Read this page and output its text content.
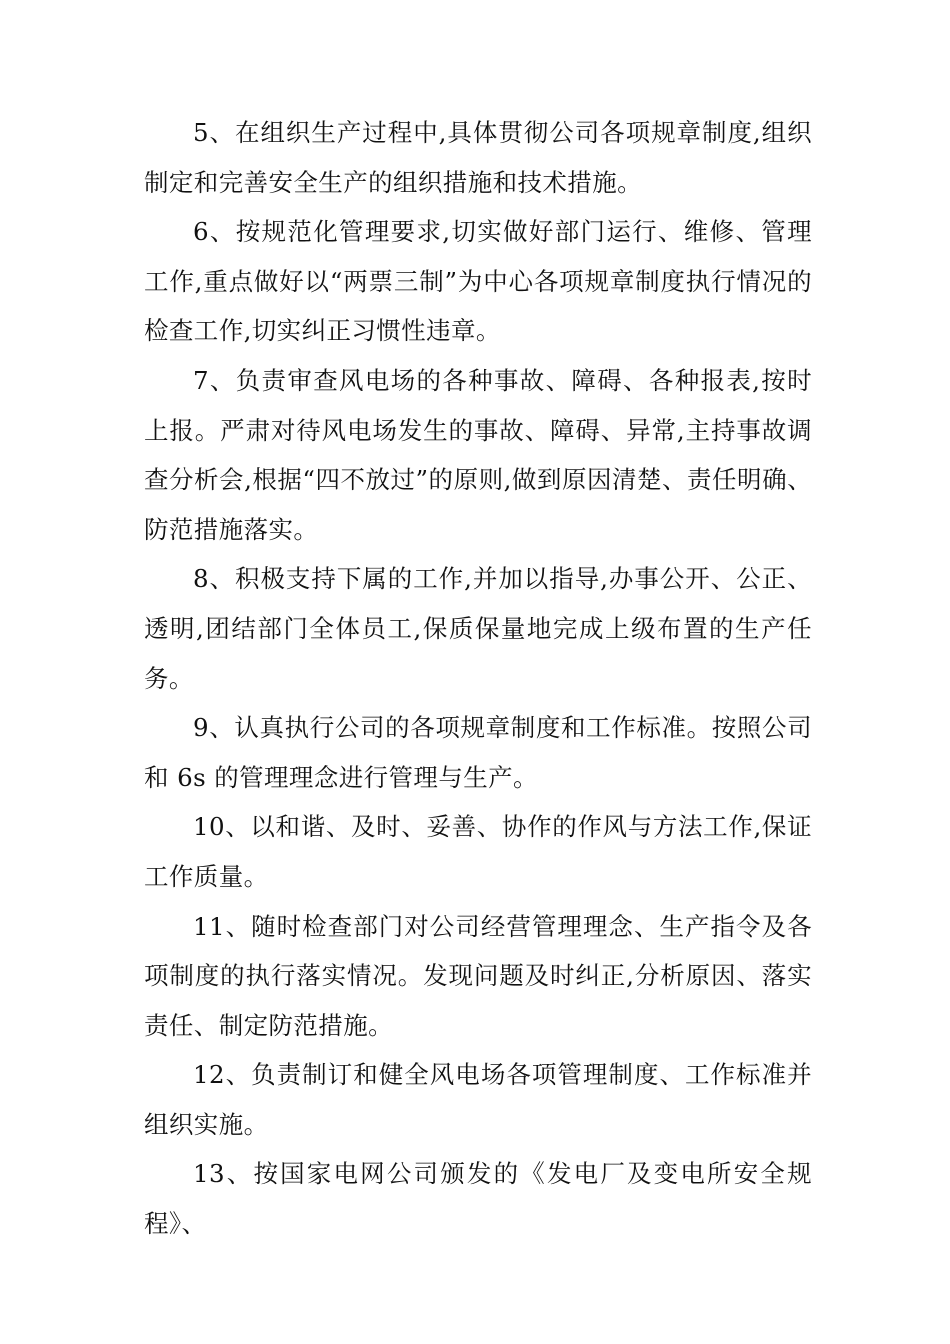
5、在组织生产过程中,具体贯彻公司各项规章制度,组织制定和完善安全生产的组织措施和技术措施。

6、按规范化管理要求,切实做好部门运行、维修、管理工作,重点做好以“两票三制”为中心各项规章制度执行情况的检查工作,切实纠正习惯性违章。

7、负责审查风电场的各种事故、障碍、各种报表,按时上报。严肃对待风电场发生的事故、障碍、异常,主持事故调查分析会,根据“四不放过”的原则,做到原因清楚、责任明确、防范措施落实。

8、积极支持下属的工作,并加以指导,办事公开、公正、透明,团结部门全体员工,保质保量地完成上级布置的生产任务。

9、认真执行公司的各项规章制度和工作标准。按照公司和 6s 的管理理念进行管理与生产。

10、以和谐、及时、妥善、协作的作风与方法工作,保证工作质量。

11、随时检查部门对公司经营管理理念、生产指令及各项制度的执行落实情况。发现问题及时纠正,分析原因、落实责任、制定防范措施。

12、负责制订和健全风电场各项管理制度、工作标准并组织实施。

13、按国家电网公司颁发的《发电厂及变电所安全规程》、
